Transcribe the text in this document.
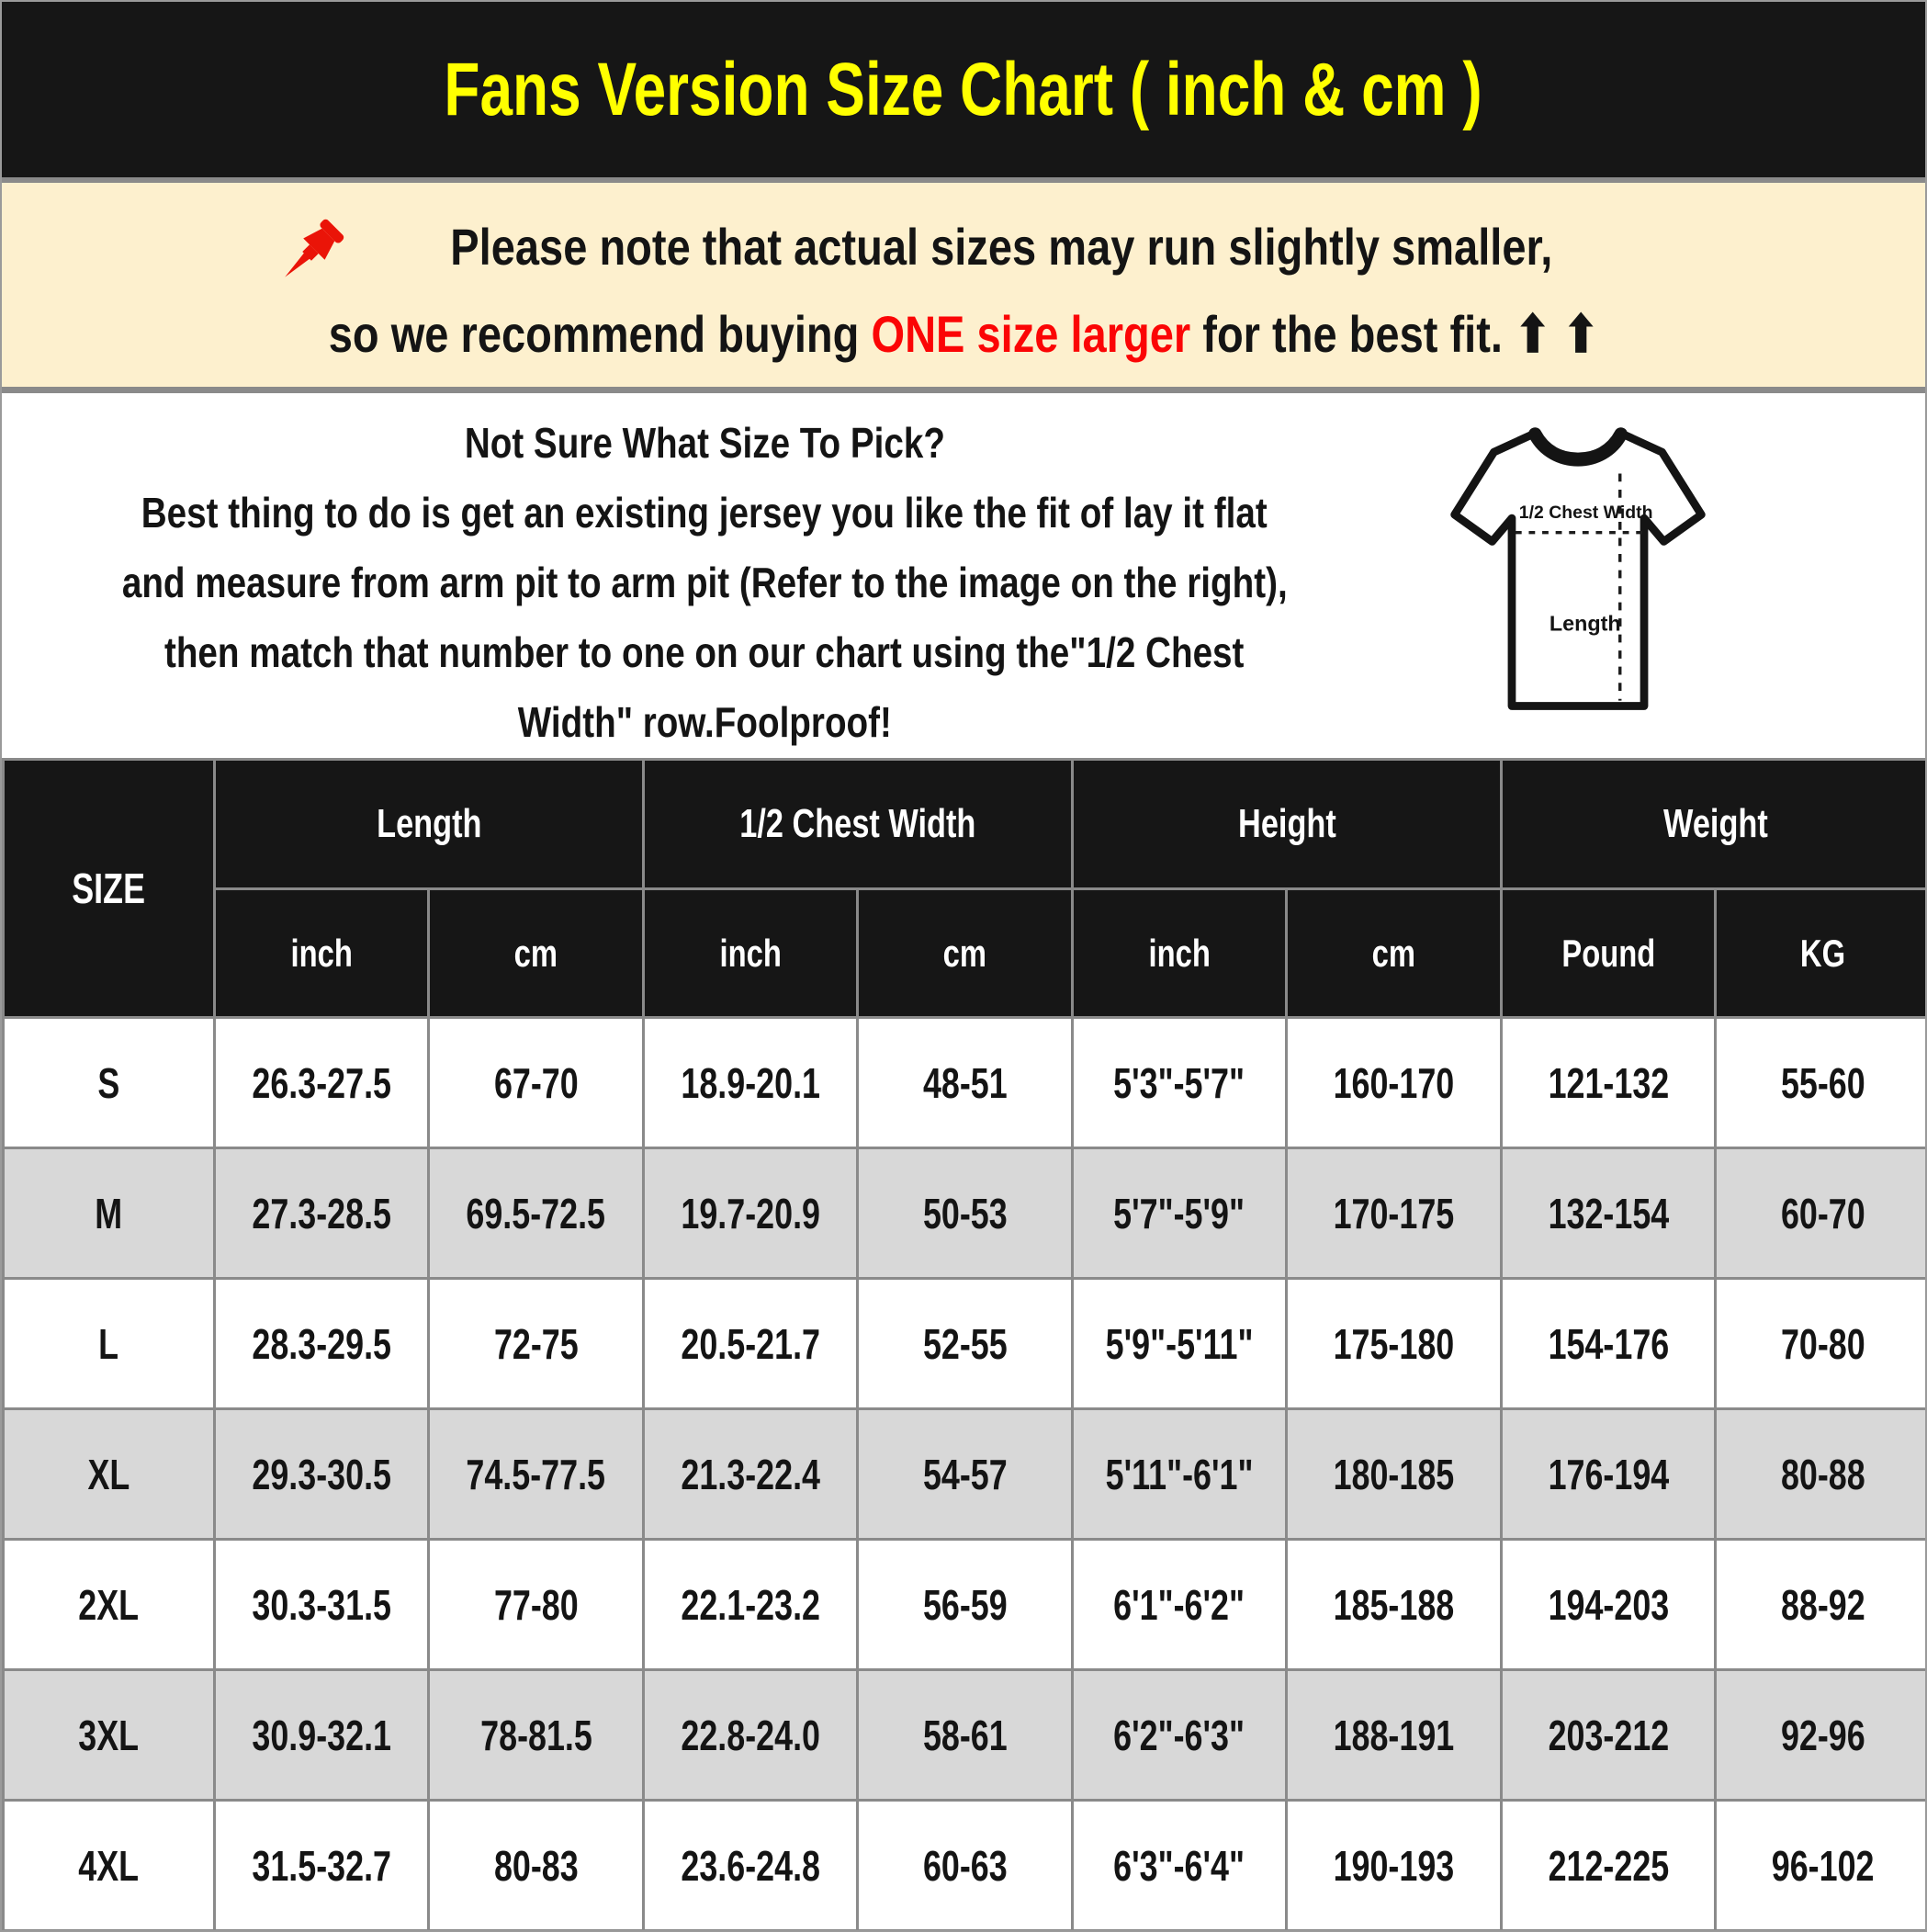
Fans Version Size Chart ( inch & cm )
Please note that actual sizes may run slightly smaller,
so we recommend buying ONE size larger for the best fit. ⬆ ⬆
Not Sure What Size To Pick?
Best thing to do is get an existing jersey you like the fit of lay it flat
and measure from arm pit to arm pit (Refer to the image on the right),
then match that number to one on our chart using the"1/2 Chest
Width" row.Foolproof!
1/2 Chest Width
Length
SIZE	Length		1/2 Chest Width		Height		Weight	
	inch	cm	inch	cm	inch	cm	Pound	KG
S	26.3-27.5	67-70	18.9-20.1	48-51	5'3"-5'7"	160-170	121-132	55-60
M	27.3-28.5	69.5-72.5	19.7-20.9	50-53	5'7"-5'9"	170-175	132-154	60-70
L	28.3-29.5	72-75	20.5-21.7	52-55	5'9"-5'11"	175-180	154-176	70-80
XL	29.3-30.5	74.5-77.5	21.3-22.4	54-57	5'11"-6'1"	180-185	176-194	80-88
2XL	30.3-31.5	77-80	22.1-23.2	56-59	6'1"-6'2"	185-188	194-203	88-92
3XL	30.9-32.1	78-81.5	22.8-24.0	58-61	6'2"-6'3"	188-191	203-212	92-96
4XL	31.5-32.7	80-83	23.6-24.8	60-63	6'3"-6'4"	190-193	212-225	96-102
